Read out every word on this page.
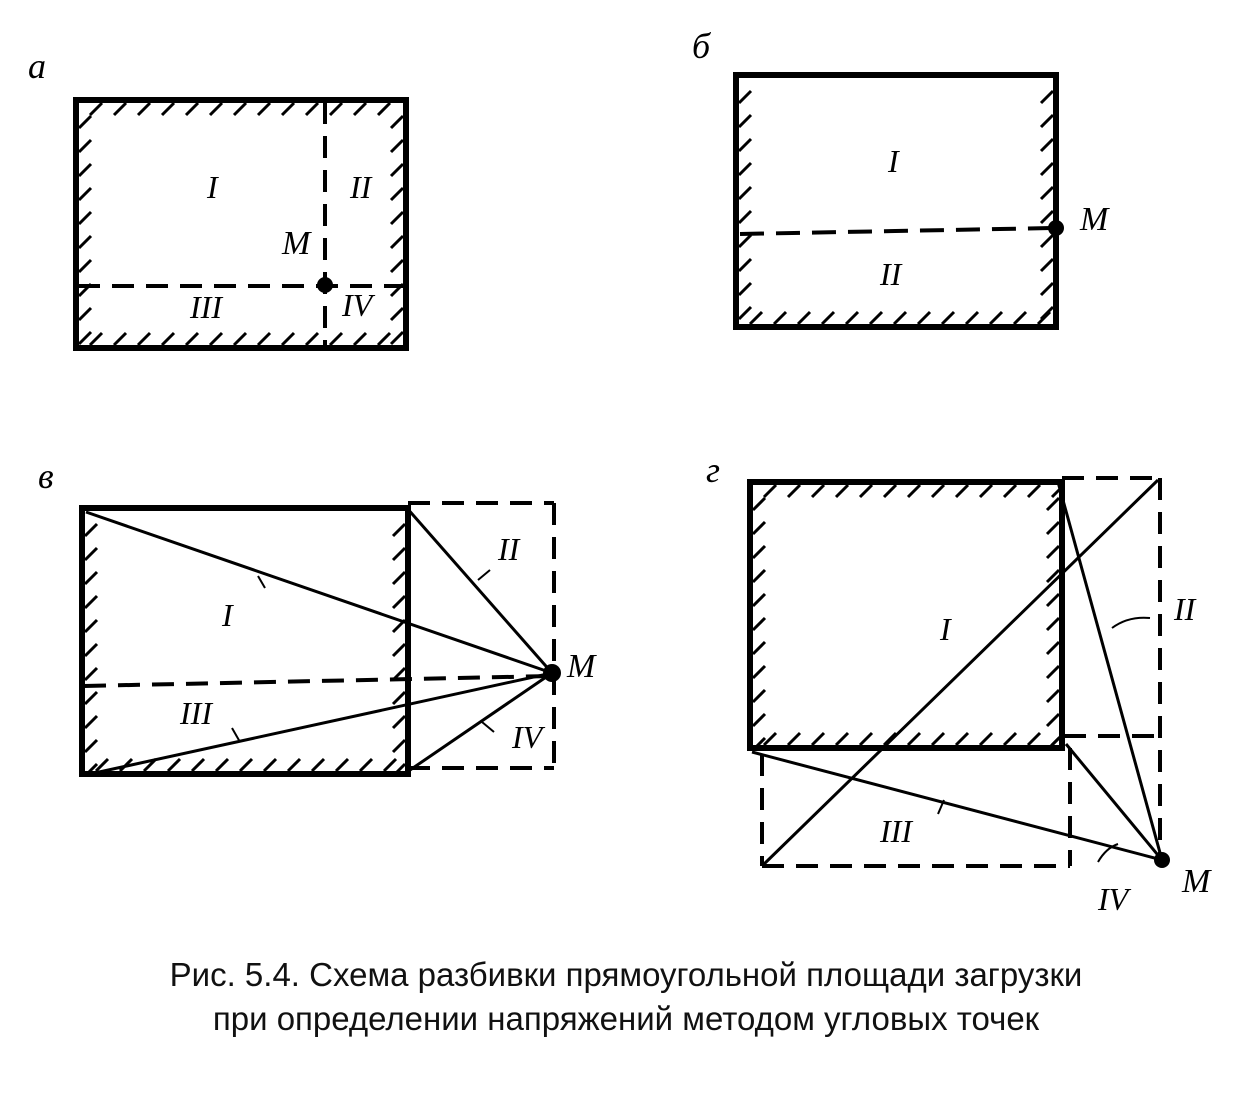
а
M
I	II
III	IV
б
M
I
II
в
M
I
II
III
IV
г
M
I
II
III
IV
Рис. 5.4. Схема разбивки прямоугольной площади загрузки
при определении напряжений методом угловых точек
